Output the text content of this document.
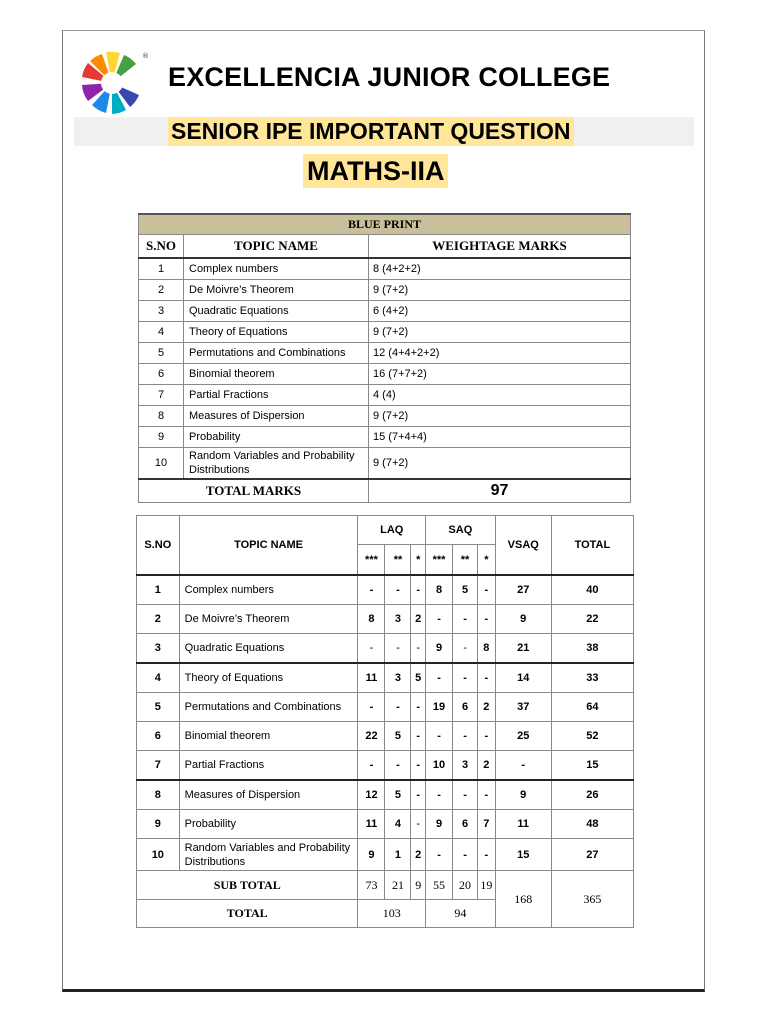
®
EXCELLENCIA JUNIOR COLLEGE
SENIOR IPE IMPORTANT QUESTION
MATHS-IIA
BLUE PRINT		
S.NO	TOPIC NAME	WEIGHTAGE MARKS
1	Complex numbers	8 (4+2+2)
2	De Moivre’s Theorem	9 (7+2)
3	Quadratic Equations	6 (4+2)
4	Theory of Equations	9 (7+2)
5	Permutations and Combinations	12 (4+4+2+2)
6	Binomial theorem	16 (7+7+2)
7	Partial Fractions	4 (4)
8	Measures of Dispersion	9 (7+2)
9	Probability	15 (7+4+4)
10	Random Variables and Probability Distributions	9 (7+2)
TOTAL MARKS		97
S.NO	TOPIC NAME	LAQ			SAQ			VSAQ	TOTAL
		***	**	*	***	**	*		
1	Complex numbers	-	-	-	8	5	-	27	40
2	De Moivre’s Theorem	8	3	2	-	-	-	9	22
3	Quadratic Equations	-	-	-	9	-	8	21	38
4	Theory of Equations	11	3	5	-	-	-	14	33
5	Permutations and Combinations	-	-	-	19	6	2	37	64
6	Binomial theorem	22	5	-	-	-	-	25	52
7	Partial Fractions	-	-	-	10	3	2	-	15
8	Measures of Dispersion	12	5	-	-	-	-	9	26
9	Probability	11	4	-	9	6	7	11	48
10	Random Variables and Probability Distributions	9	1	2	-	-	-	15	27
SUB TOTAL		73	21	9	55	20	19	168	365
TOTAL		103			94				
